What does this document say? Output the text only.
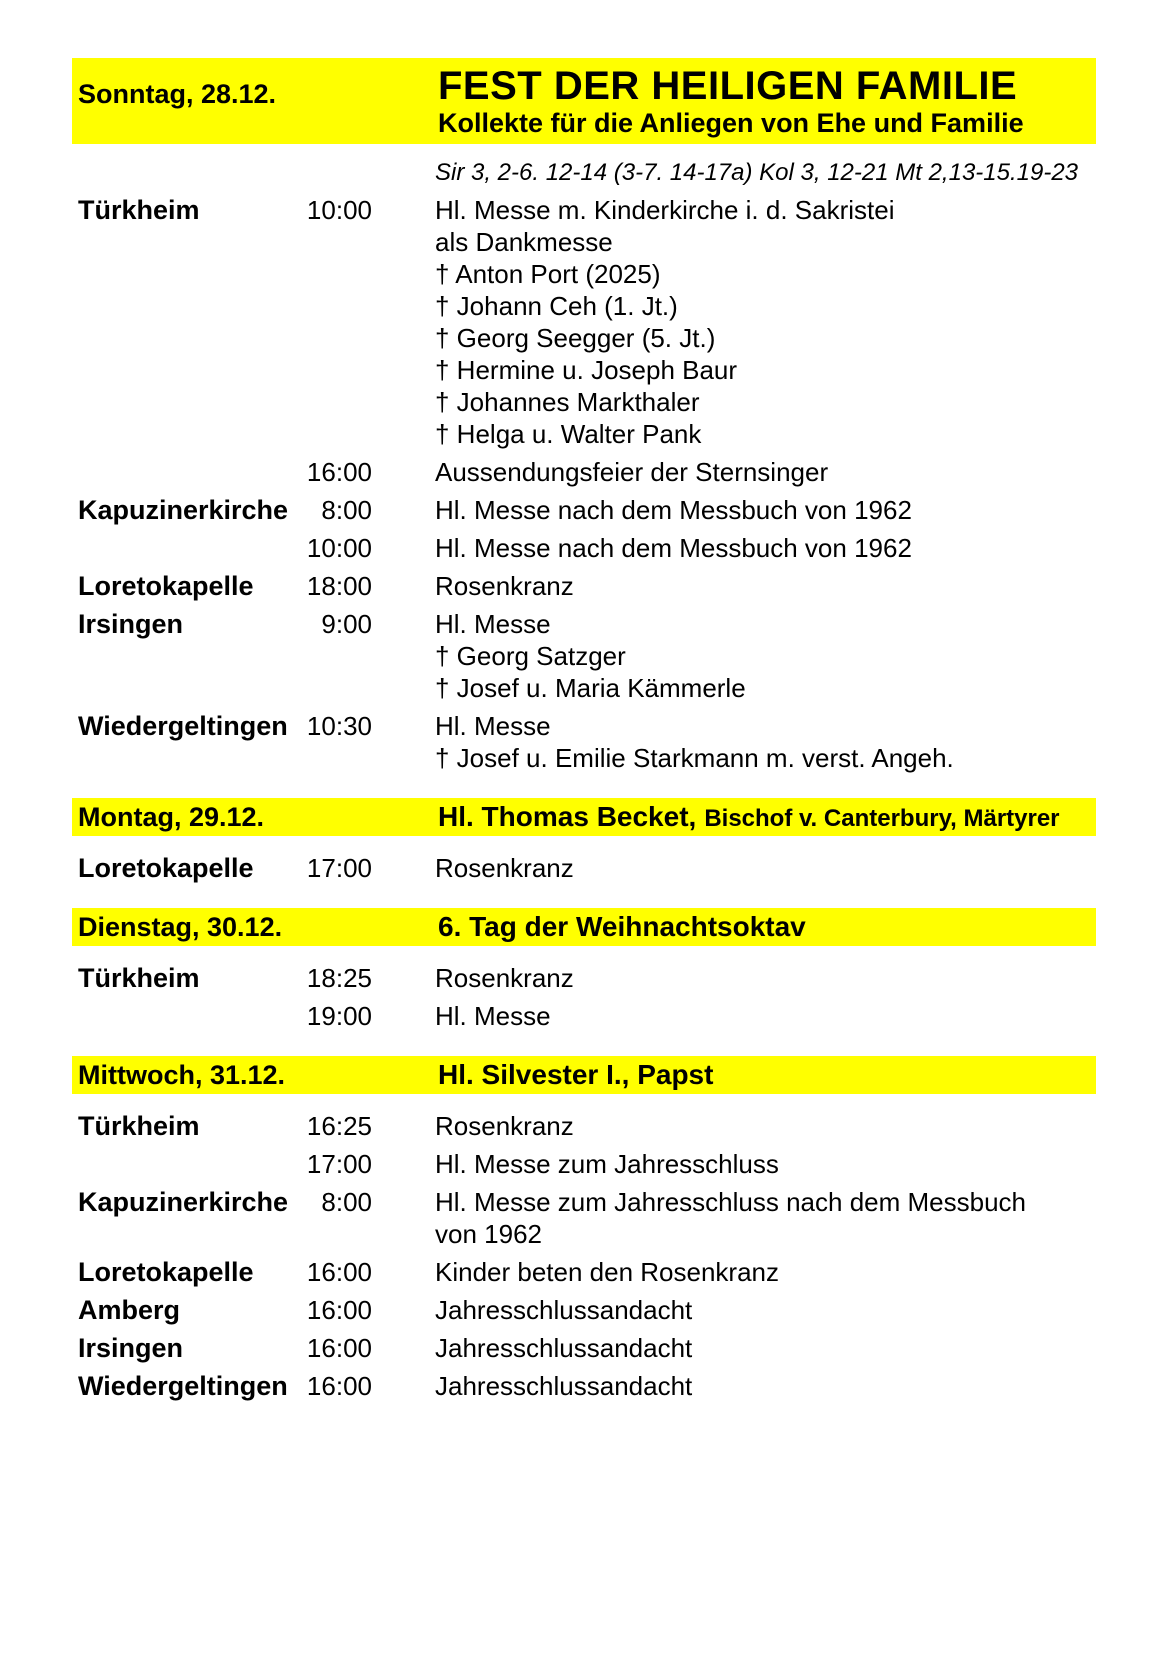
Sonntag, 28.12.	FEST DER HEILIGEN FAMILIE
Kollekte für die Anliegen von Ehe und Familie
Sir 3, 2-6. 12-14 (3-7. 14-17a) Kol 3, 12-21 Mt 2,13-15.19-23
Türkheim	10:00 Hl. Messe m. Kinderkirche i. d. Sakristei
als Dankmesse
† Anton Port (2025)
† Johann Ceh (1. Jt.)
† Georg Seegger (5. Jt.)
† Hermine u. Joseph Baur
† Johannes Markthaler
† Helga u. Walter Pank
16:00 Aussendungsfeier der Sternsinger
Kapuzinerkirche	8:00 Hl. Messe nach dem Messbuch von 1962
10:00 Hl. Messe nach dem Messbuch von 1962
Loretokapelle	18:00 Rosenkranz
Irsingen	9:00 Hl. Messe
† Georg Satzger
† Josef u. Maria Kämmerle
Wiedergeltingen 10:30 Hl. Messe
† Josef u. Emilie Starkmann m. verst. Angeh.
Montag, 29.12.	Hl. Thomas Becket, Bischof v. Canterbury, Märtyrer
Loretokapelle	17:00 Rosenkranz
Dienstag, 30.12.	6. Tag der Weihnachtsoktav
Türkheim	18:25 Rosenkranz
19:00 Hl. Messe
Mittwoch, 31.12.	Hl. Silvester I., Papst
Türkheim	16:25 Rosenkranz
17:00 Hl. Messe zum Jahresschluss
Kapuzinerkirche	8:00 Hl. Messe zum Jahresschluss nach dem Messbuch
von 1962
Loretokapelle	16:00 Kinder beten den Rosenkranz
Amberg	16:00 Jahresschlussandacht
Irsingen	16:00 Jahresschlussandacht
Wiedergeltingen 16:00 Jahresschlussandacht
